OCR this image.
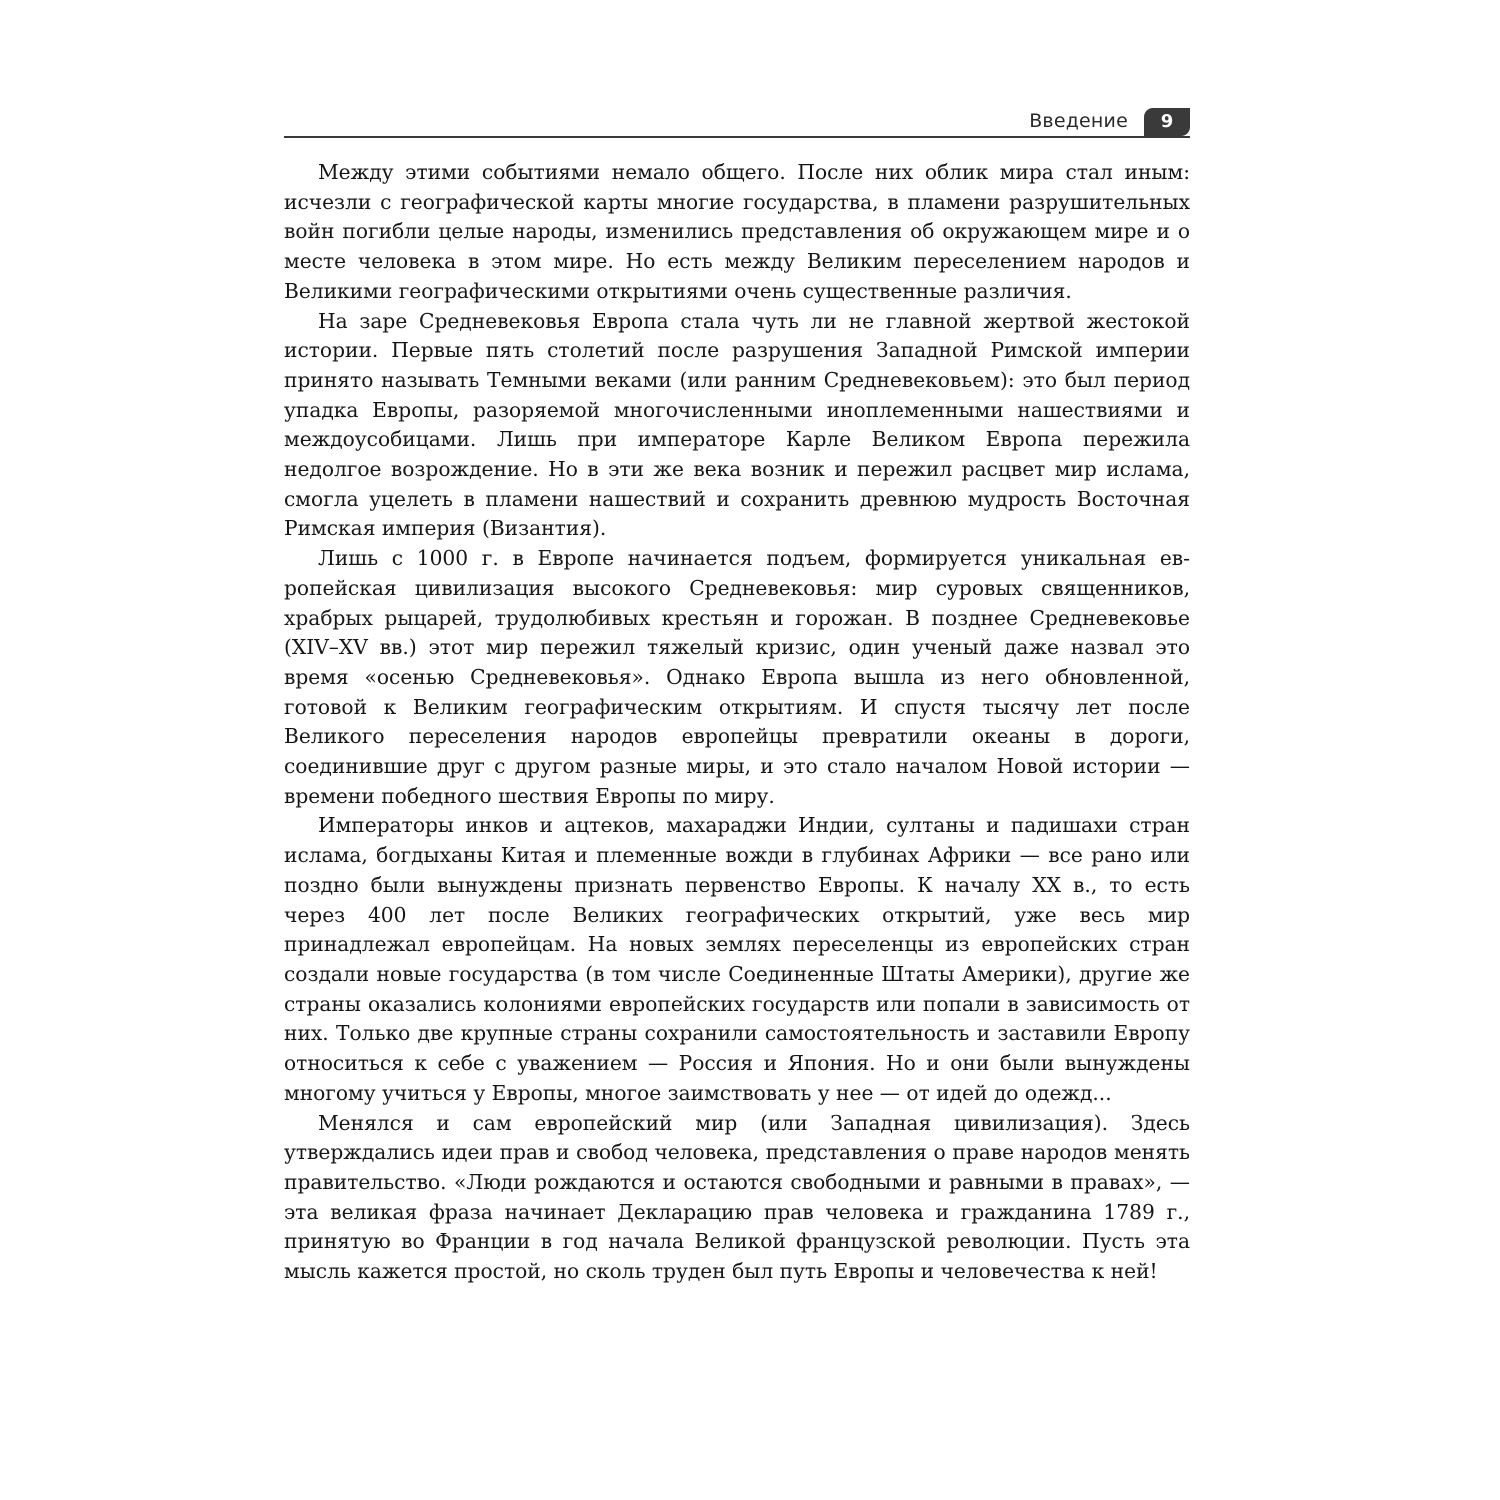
Введение	9

Между этими событиями немало общего. После них облик мира стал иным: исчезли с географической карты многие государства, в пламени разрушительных войн погибли целые народы, изменились представления об окружающем мире и о месте человека в этом мире. Но есть между Великим переселением народов и Великими географическими открытиями очень существенные различия.

На заре Средневековья Европа стала чуть ли не главной жертвой жестокой истории. Первые пять столетий после разрушения Западной Римской империи принято называть Темными веками (или ранним Средневековьем): это был период упадка Европы, разоряемой многочисленными иноплеменными нашествиями и междоусобицами. Лишь при императоре Карле Великом Европа пережила недолгое возрождение. Но в эти же века возник и пережил расцвет мир ислама, смогла уцелеть в пламени нашествий и сохранить древнюю мудрость Восточная Римская империя (Византия).

Лишь с 1000 г. в Европе начинается подъем, формируется уникальная европейская цивилизация высокого Средневековья: мир суровых священников, храбрых рыцарей, трудолюбивых крестьян и горожан. В позднее Средневековье (XIV–XV вв.) этот мир пережил тяжелый кризис, один ученый даже назвал это время «осенью Средневековья». Однако Европа вышла из него обновленной, готовой к Великим географическим открытиям. И спустя тысячу лет после Великого переселения народов европейцы превратили океаны в дороги, соединившие друг с другом разные миры, и это стало началом Новой истории — времени победного шествия Европы по миру.

Императоры инков и ацтеков, махараджи Индии, султаны и падишахи стран ислама, богдыханы Китая и племенные вожди в глубинах Африки — все рано или поздно были вынуждены признать первенство Европы. К началу XX в., то есть через 400 лет после Великих географических открытий, уже весь мир принадлежал европейцам. На новых землях переселенцы из европейских стран создали новые государства (в том числе Соединенные Штаты Америки), другие же страны оказались колониями европейских государств или попали в зависимость от них. Только две крупные страны сохранили самостоятельность и заставили Европу относиться к себе с уважением — Россия и Япония. Но и они были вынуждены многому учиться у Европы, многое заимствовать у нее — от идей до одежд...

Менялся и сам европейский мир (или Западная цивилизация). Здесь утверждались идеи прав и свобод человека, представления о праве народов менять правительство. «Люди рождаются и остаются свободными и равными в правах», — эта великая фраза начинает Декларацию прав человека и гражданина 1789 г., принятую во Франции в год начала Великой французской революции. Пусть эта мысль кажется простой, но сколь труден был путь Европы и человечества к ней!
